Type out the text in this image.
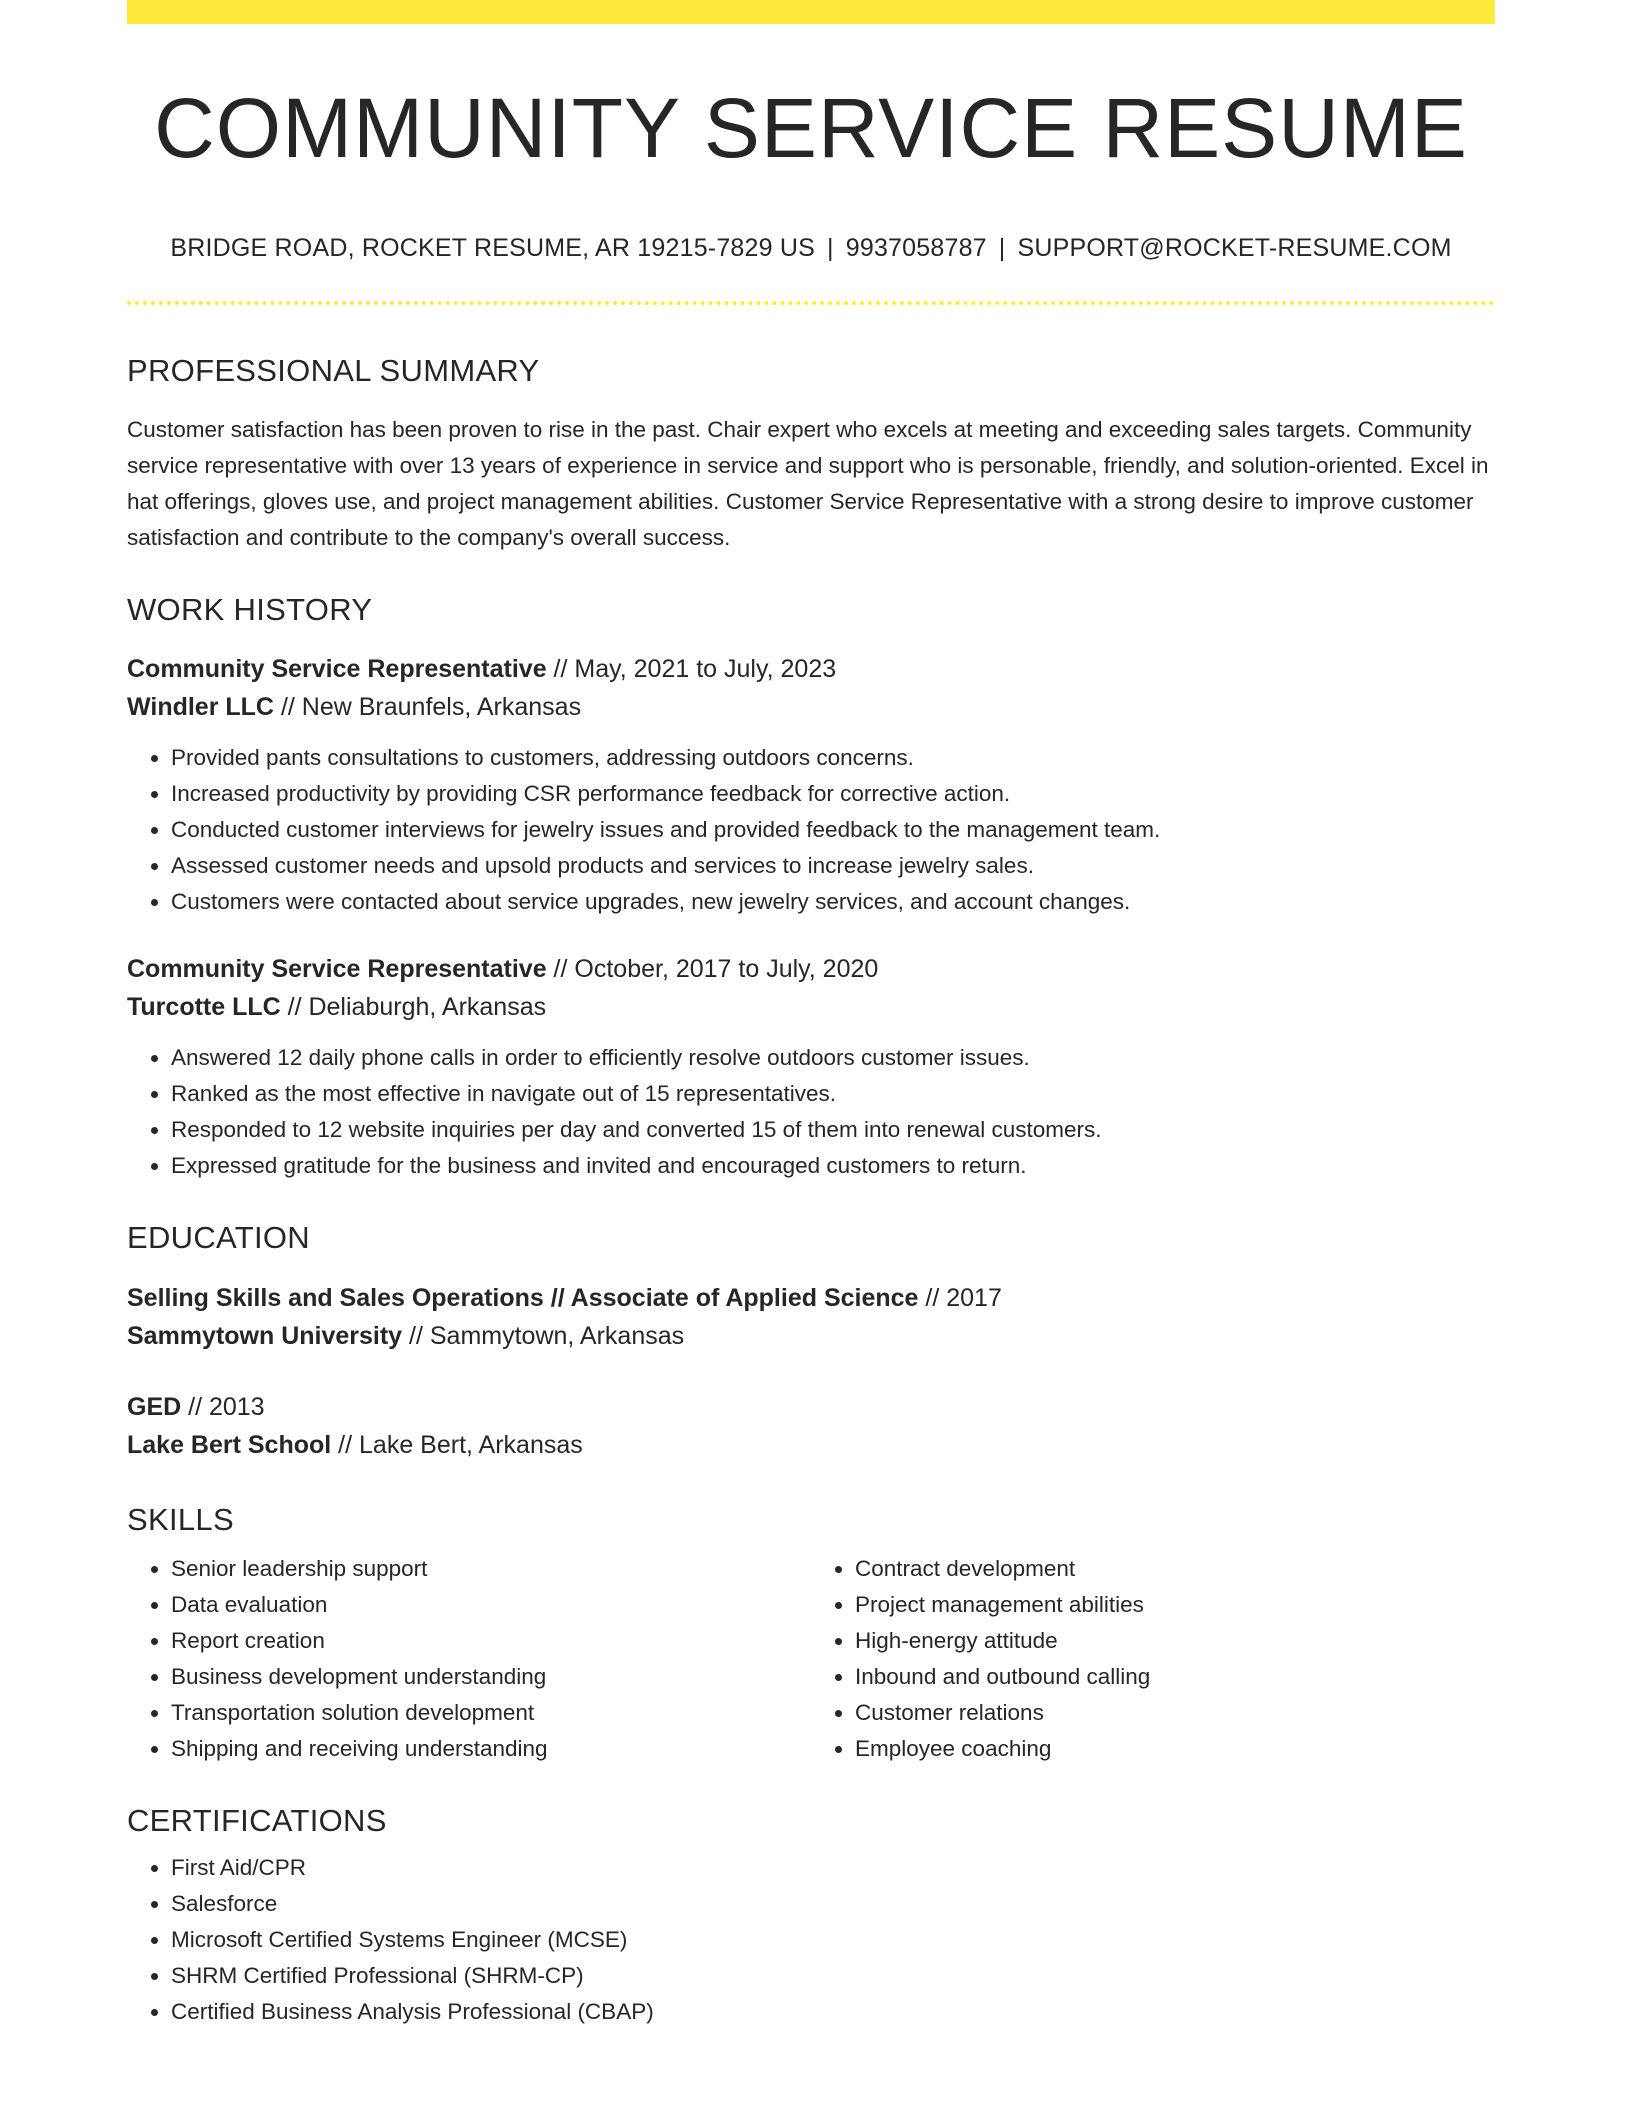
COMMUNITY SERVICE RESUME
BRIDGE ROAD, ROCKET RESUME, AR 19215-7829 US | 9937058787 | SUPPORT@ROCKET-RESUME.COM
PROFESSIONAL SUMMARY

Customer satisfaction has been proven to rise in the past. Chair expert who excels at meeting and exceeding sales targets. Community service representative with over 13 years of experience in service and support who is personable, friendly, and solution-oriented. Excel in hat offerings, gloves use, and project management abilities. Customer Service Representative with a strong desire to improve customer satisfaction and contribute to the company's overall success.

WORK HISTORY
Community Service Representative // May, 2021 to July, 2023
Windler LLC // New Braunfels, Arkansas
• Provided pants consultations to customers, addressing outdoors concerns.
• Increased productivity by providing CSR performance feedback for corrective action.
• Conducted customer interviews for jewelry issues and provided feedback to the management team.
• Assessed customer needs and upsold products and services to increase jewelry sales.
• Customers were contacted about service upgrades, new jewelry services, and account changes.
Community Service Representative // October, 2017 to July, 2020
Turcotte LLC // Deliaburgh, Arkansas
• Answered 12 daily phone calls in order to efficiently resolve outdoors customer issues.
• Ranked as the most effective in navigate out of 15 representatives.
• Responded to 12 website inquiries per day and converted 15 of them into renewal customers.
• Expressed gratitude for the business and invited and encouraged customers to return.
EDUCATION
Selling Skills and Sales Operations // Associate of Applied Science // 2017
Sammytown University // Sammytown, Arkansas
GED // 2013
Lake Bert School // Lake Bert, Arkansas
SKILLS
• Senior leadership support
• Data evaluation
• Report creation
• Business development understanding
• Transportation solution development
• Shipping and receiving understanding
• Contract development
• Project management abilities
• High-energy attitude
• Inbound and outbound calling
• Customer relations
• Employee coaching
CERTIFICATIONS
• First Aid/CPR
• Salesforce
• Microsoft Certified Systems Engineer (MCSE)
• SHRM Certified Professional (SHRM-CP)
• Certified Business Analysis Professional (CBAP)
